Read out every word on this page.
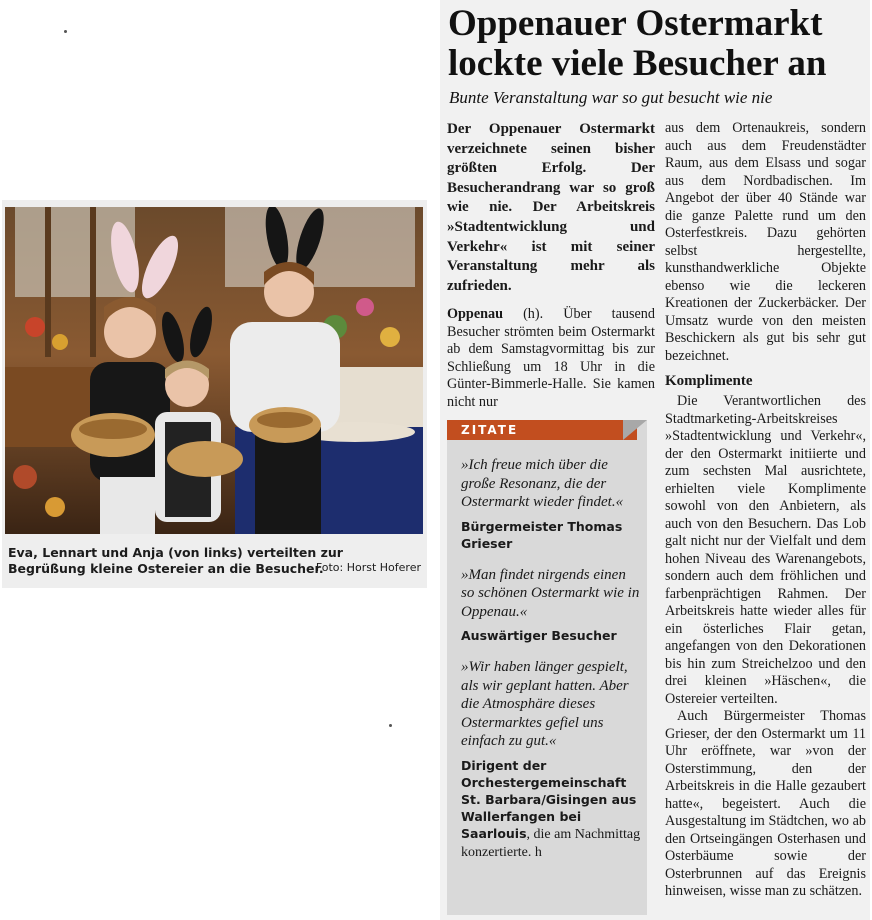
Eva, Lennart und Anja (von links) verteilten zur Begrüßung kleine Ostereier an die Besucher.
Foto: Horst Hoferer
Oppenauer Ostermarkt
lockte viele Besucher an
Bunte Veranstaltung war so gut besucht wie nie

Der Oppenauer Ostermarkt verzeichnete seinen bisher größten Erfolg. Der Besucherandrang war so groß wie nie. Der Arbeitskreis »Stadtentwicklung und Verkehr« ist mit seiner Veranstaltung mehr als zufrieden.

Oppenau (h). Über tausend Besucher strömten beim Ostermarkt ab dem Samstagvormittag bis zur Schließung um 18 Uhr in die Günter-Bimmerle-Halle. Sie kamen nicht nur

ZITATE

»Ich freue mich über die große Resonanz, die der Ostermarkt wieder findet.«

Bürgermeister Thomas Grieser

»Man findet nirgends einen so schönen Ostermarkt wie in Oppenau.«

Auswärtiger Besucher

»Wir haben länger gespielt, als wir geplant hatten. Aber die Atmosphäre dieses Ostermarktes gefiel uns einfach zu gut.«

Dirigent der Orchestergemeinschaft St. Barbara/Gisingen aus Wallerfangen bei Saarlouis, die am Nachmittag konzertierte. h

aus dem Ortenaukreis, sondern auch aus dem Freudenstädter Raum, aus dem Elsass und sogar aus dem Nordbadischen. Im Angebot der über 40 Stände war die ganze Palette rund um den Osterfestkreis. Dazu gehörten selbst hergestellte, kunsthandwerkliche Objekte ebenso wie die leckeren Kreationen der Zuckerbäcker. Der Umsatz wurde von den meisten Beschickern als gut bis sehr gut bezeichnet.

Komplimente

Die Verantwortlichen des Stadtmarketing-Arbeitskreises »Stadtentwicklung und Verkehr«, der den Ostermarkt initiierte und zum sechsten Mal ausrichtete, erhielten viele Komplimente sowohl von den Anbietern, als auch von den Besuchern. Das Lob galt nicht nur der Vielfalt und dem hohen Niveau des Warenangebots, sondern auch dem fröhlichen und farbenprächtigen Rahmen. Der Arbeitskreis hatte wieder alles für ein österliches Flair getan, angefangen von den Dekorationen bis hin zum Streichelzoo und den drei kleinen »Häschen«, die Ostereier verteilten.

Auch Bürgermeister Thomas Grieser, der den Ostermarkt um 11 Uhr eröffnete, war »von der Osterstimmung, den der Arbeitskreis in die Halle gezaubert hatte«, begeistert. Auch die Ausgestaltung im Städtchen, wo ab den Ortseingängen Osterhasen und Osterbäume sowie der Osterbrunnen auf das Ereignis hinweisen, wisse man zu schätzen.
